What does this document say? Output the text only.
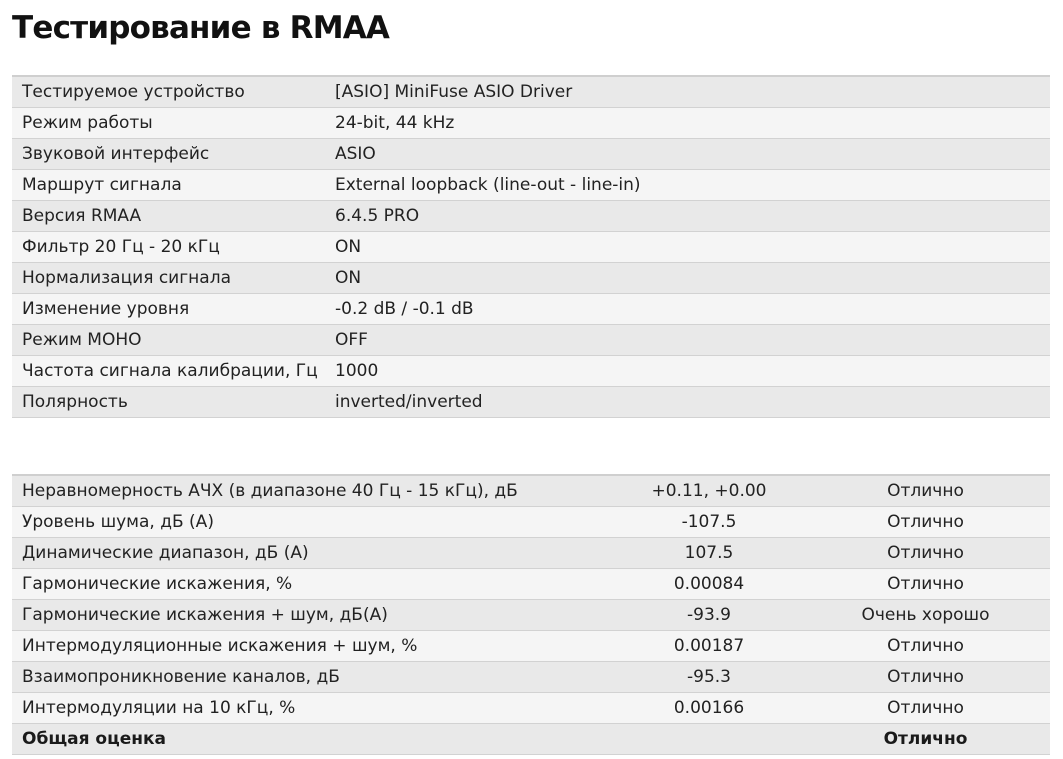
Тестирование в RMAA
Тестируемое устройство	[ASIO] MiniFuse ASIO Driver
Режим работы	24-bit, 44 kHz
Звуковой интерфейс	ASIO
Маршрут сигнала	External loopback (line-out - line-in)
Версия RMAA	6.4.5 PRO
Фильтр 20 Гц - 20 кГц	ON
Нормализация сигнала	ON
Изменение уровня	-0.2 dB / -0.1 dB
Режим МОНО	OFF
Частота сигнала калибрации, Гц	1000
Полярность	inverted/inverted
Неравномерность АЧХ (в диапазоне 40 Гц - 15 кГц), дБ	+0.11, +0.00	Отлично
Уровень шума, дБ (А)	-107.5	Отлично
Динамические диапазон, дБ (А)	107.5	Отлично
Гармонические искажения, %	0.00084	Отлично
Гармонические искажения + шум, дБ(A)	-93.9	Очень хорошо
Интермодуляционные искажения + шум, %	0.00187	Отлично
Взаимопроникновение каналов, дБ	-95.3	Отлично
Интермодуляции на 10 кГц, %	0.00166	Отлично
Общая оценка		Отлично
